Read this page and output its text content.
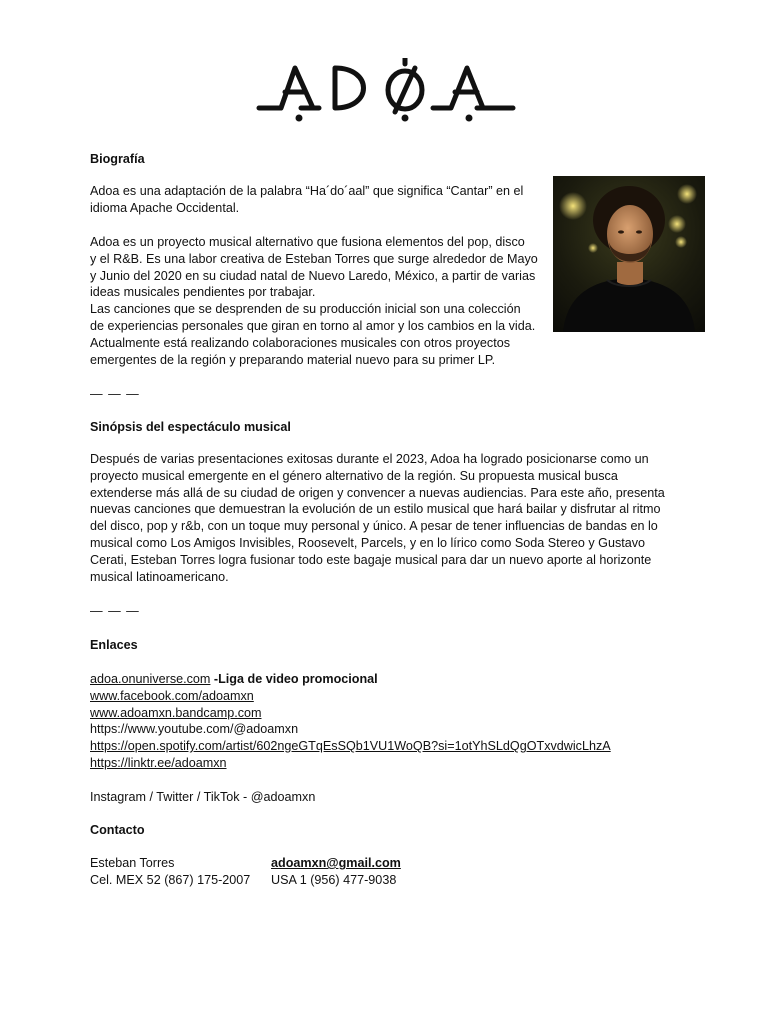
Biografía
Adoa es una adaptación de la palabra “Ha´do´aal” que significa “Cantar” en el
idioma Apache Occidental.
Adoa es un proyecto musical alternativo que fusiona elementos del pop, disco
y el R&B. Es una labor creativa de Esteban Torres que surge alrededor de Mayo
y Junio del 2020 en su ciudad natal de Nuevo Laredo, México, a partir de varias
ideas musicales pendientes por trabajar.
Las canciones que se desprenden de su producción inicial son una colección
de experiencias personales que giran en torno al amor y los cambios en la vida.
Actualmente está realizando colaboraciones musicales con otros proyectos
emergentes de la región y preparando material nuevo para su primer LP.
— — —
Sinópsis del espectáculo musical
Después de varias presentaciones exitosas durante el 2023, Adoa ha logrado posicionarse como un
proyecto musical emergente en el género alternativo de la región. Su propuesta musical busca
extenderse más allá de su ciudad de origen y convencer a nuevas audiencias. Para este año, presenta
nuevas canciones que demuestran la evolución de un estilo musical que hará bailar y disfrutar al ritmo
del disco, pop y r&b, con un toque muy personal y único. A pesar de tener influencias de bandas en lo
musical como Los Amigos Invisibles, Roosevelt, Parcels, y en lo lírico como Soda Stereo y Gustavo
Cerati, Esteban Torres logra fusionar todo este bagaje musical para dar un nuevo aporte al horizonte
musical latinoamericano.
— — —
Enlaces
adoa.onuniverse.com -Liga de video promocional
www.facebook.com/adoamxn
www.adoamxn.bandcamp.com
https://www.youtube.com/@adoamxn
https://open.spotify.com/artist/602ngeGTqEsSQb1VU1WoQB?si=1otYhSLdQgOTxvdwicLhzA
https://linktr.ee/adoamxn
Instagram / Twitter / TikTok - @adoamxn
Contacto
Esteban Torres
Cel. MEX 52 (867) 175-2007
adoamxn@gmail.com
USA 1 (956) 477-9038
